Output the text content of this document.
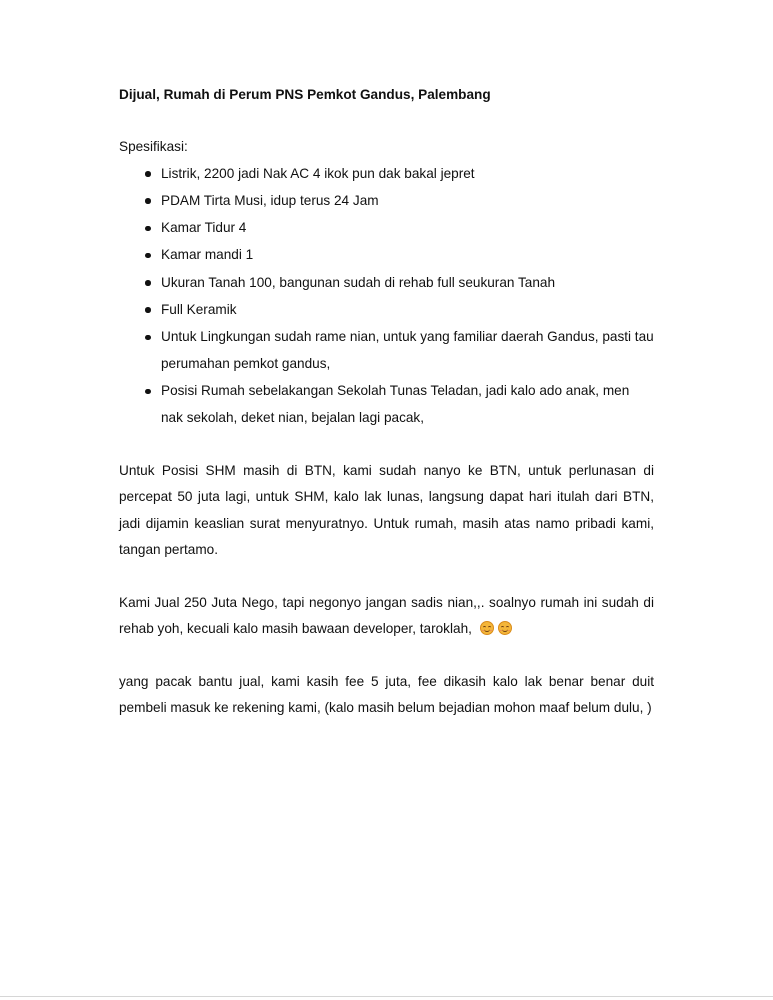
Dijual, Rumah di Perum PNS Pemkot Gandus, Palembang

Spesifikasi:

Listrik, 2200 jadi Nak AC 4 ikok pun dak bakal jepret
PDAM Tirta Musi, idup terus 24 Jam
Kamar Tidur 4
Kamar mandi 1
Ukuran Tanah 100, bangunan sudah di rehab full seukuran Tanah
Full Keramik
Untuk Lingkungan sudah rame nian, untuk yang familiar daerah Gandus, pasti tau perumahan pemkot gandus,
Posisi Rumah sebelakangan Sekolah Tunas Teladan, jadi kalo ado anak, men nak sekolah, deket nian, bejalan lagi pacak,

Untuk Posisi SHM masih di BTN, kami sudah nanyo ke BTN, untuk perlunasan di percepat 50 juta lagi, untuk SHM, kalo lak lunas, langsung dapat hari itulah dari BTN, jadi dijamin keaslian surat menyuratnyo. Untuk rumah, masih atas namo pribadi kami, tangan pertamo.

Kami Jual 250 Juta Nego, tapi negonyo jangan sadis nian,,. soalnyo rumah ini sudah di rehab yoh, kecuali kalo masih bawaan developer, taroklah,

yang pacak bantu jual, kami kasih fee 5 juta, fee dikasih kalo lak benar benar duit pembeli masuk ke rekening kami, (kalo masih belum bejadian mohon maaf belum dulu, )
